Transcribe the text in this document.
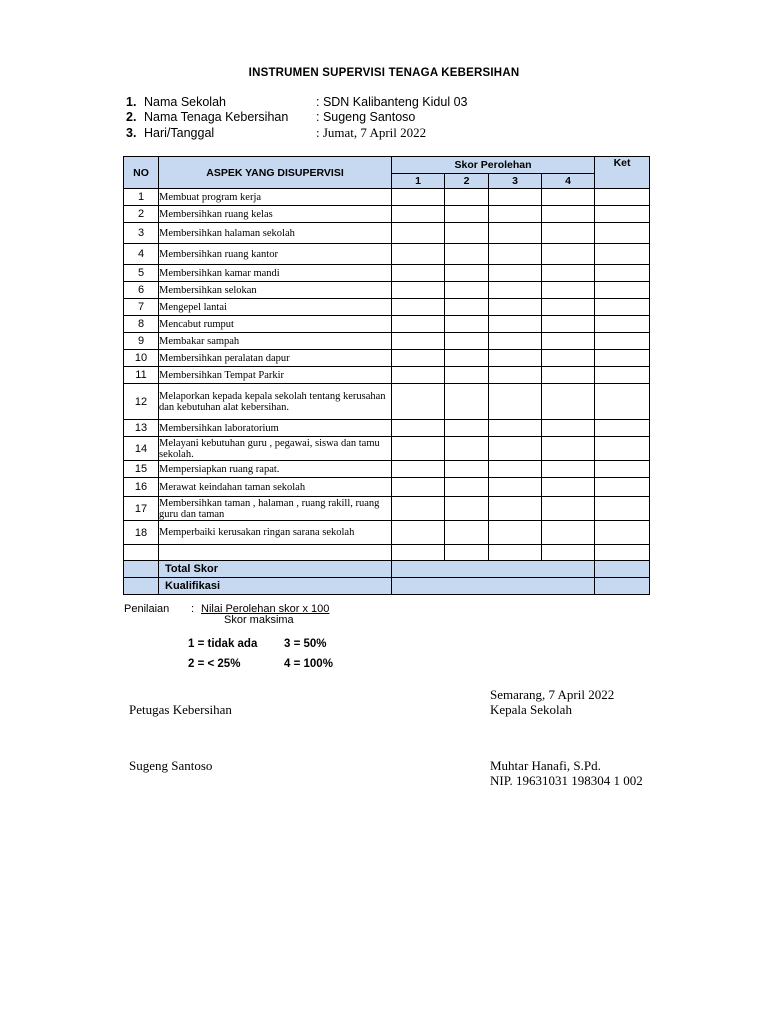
INSTRUMEN SUPERVISI TENAGA KEBERSIHAN
1. Nama Sekolah	: SDN Kalibanteng Kidul 03
2. Nama Tenaga Kebersihan : Sugeng Santoso
3. Hari/Tanggal	: Jumat, 7 April 2022
NO	ASPEK YANG DISUPERVISI	Skor Perolehan				Ket
		1	2	3	4	
1	Membuat program kerja					
2	Membersihkan ruang kelas					
3	Membersihkan halaman sekolah					
4	Membersihkan ruang kantor					
5	Membersihkan kamar mandi					
6	Membersihkan selokan					
7	Mengepel lantai					
8	Mencabut rumput					
9	Membakar sampah					
10	Membersihkan peralatan dapur					
11	Membersihkan Tempat Parkir					
12	Melaporkan kepada kepala sekolah tentang kerusahan dan kebutuhan alat kebersihan.					
13	Membersihkan laboratorium					
14	Melayani kebutuhan guru , pegawai, siswa dan tamu sekolah.					
15	Mempersiapkan ruang rapat.					
16	Merawat keindahan taman sekolah					
17	Membersihkan taman , halaman , ruang rakill, ruang guru dan taman					
18	Memperbaiki kerusakan ringan sarana sekolah					

	Total Skor					
	Kualifikasi					
Penilaian : Nilai Perolehan skor x 100
Skor maksima
1 = tidak ada 3 = 50%
2 = < 25%	4 = 100%
Semarang, 7 April 2022
Petugas Kebersihan	Kepala Sekolah
Sugeng Santoso	Muhtar Hanafi, S.Pd.
NIP. 19631031 198304 1 002
